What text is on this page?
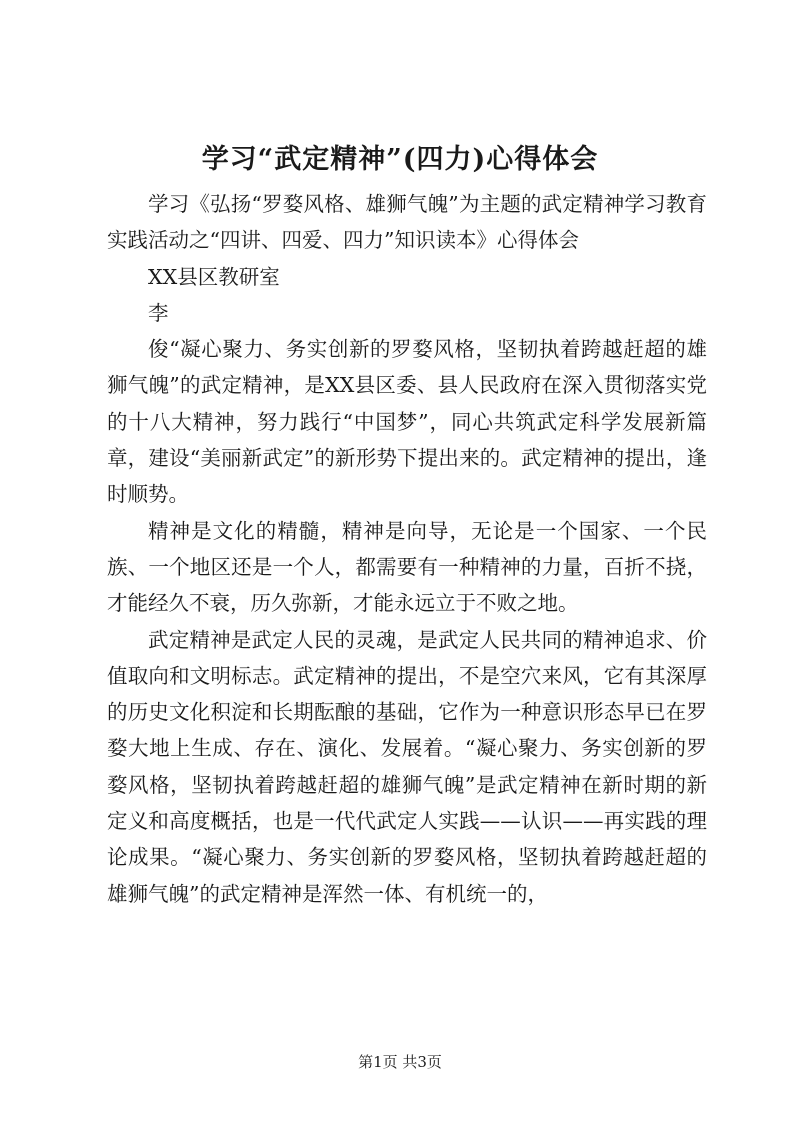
学习“武定精神”(四力)心得体会

学习《弘扬“罗婺风格、雄狮气魄”为主题的武定精神学习教育实践活动之“四讲、四爱、四力”知识读本》心得体会

XX县区教研室

李

俊“凝心聚力、务实创新的罗婺风格，坚韧执着跨越赶超的雄狮气魄”的武定精神，是XX县区委、县人民政府在深入贯彻落实党的十八大精神，努力践行“中国梦”，同心共筑武定科学发展新篇章，建设“美丽新武定”的新形势下提出来的。武定精神的提出，逢时顺势。

精神是文化的精髓，精神是向导，无论是一个国家、一个民族、一个地区还是一个人，都需要有一种精神的力量，百折不挠，才能经久不衰，历久弥新，才能永远立于不败之地。

武定精神是武定人民的灵魂，是武定人民共同的精神追求、价值取向和文明标志。武定精神的提出，不是空穴来风，它有其深厚的历史文化积淀和长期酝酿的基础，它作为一种意识形态早已在罗婺大地上生成、存在、演化、发展着。“凝心聚力、务实创新的罗婺风格，坚韧执着跨越赶超的雄狮气魄”是武定精神在新时期的新定义和高度概括，也是一代代武定人实践——认识——再实践的理论成果。“凝心聚力、务实创新的罗婺风格，坚韧执着跨越赶超的雄狮气魄”的武定精神是浑然一体、有机统一的，

第1页 共3页
